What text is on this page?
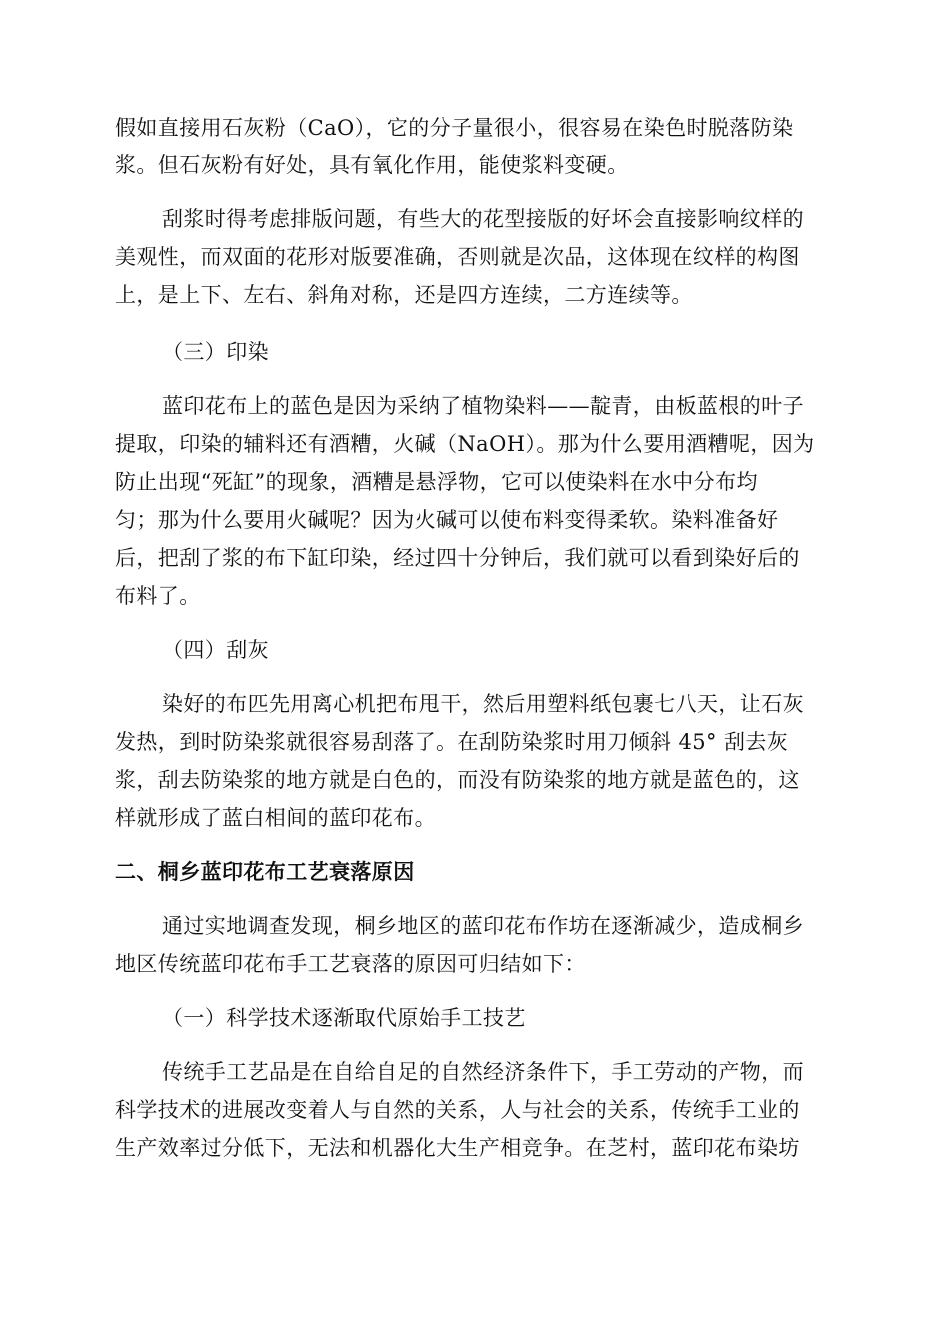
假如直接用石灰粉（CaO），它的分子量很小，很容易在染色时脱落防染
浆。但石灰粉有好处，具有氧化作用，能使浆料变硬。
刮浆时得考虑排版问题，有些大的花型接版的好坏会直接影响纹样的
美观性，而双面的花形对版要准确，否则就是次品，这体现在纹样的构图
上，是上下、左右、斜角对称，还是四方连续，二方连续等。
（三）印染
蓝印花布上的蓝色是因为采纳了植物染料——靛青，由板蓝根的叶子
提取，印染的辅料还有酒糟，火碱（NaOH）。那为什么要用酒糟呢，因为
防止出现“死缸”的现象，酒糟是悬浮物，它可以使染料在水中分布均
匀；那为什么要用火碱呢？因为火碱可以使布料变得柔软。染料准备好
后，把刮了浆的布下缸印染，经过四十分钟后，我们就可以看到染好后的
布料了。
（四）刮灰
染好的布匹先用离心机把布甩干，然后用塑料纸包裹七八天，让石灰
发热，到时防染浆就很容易刮落了。在刮防染浆时用刀倾斜 45° 刮去灰
浆，刮去防染浆的地方就是白色的，而没有防染浆的地方就是蓝色的，这
样就形成了蓝白相间的蓝印花布。
二、桐乡蓝印花布工艺衰落原因
通过实地调查发现，桐乡地区的蓝印花布作坊在逐渐减少，造成桐乡
地区传统蓝印花布手工艺衰落的原因可归结如下：
（一）科学技术逐渐取代原始手工技艺
传统手工艺品是在自给自足的自然经济条件下，手工劳动的产物，而
科学技术的进展改变着人与自然的关系，人与社会的关系，传统手工业的
生产效率过分低下，无法和机器化大生产相竞争。在芝村，蓝印花布染坊
